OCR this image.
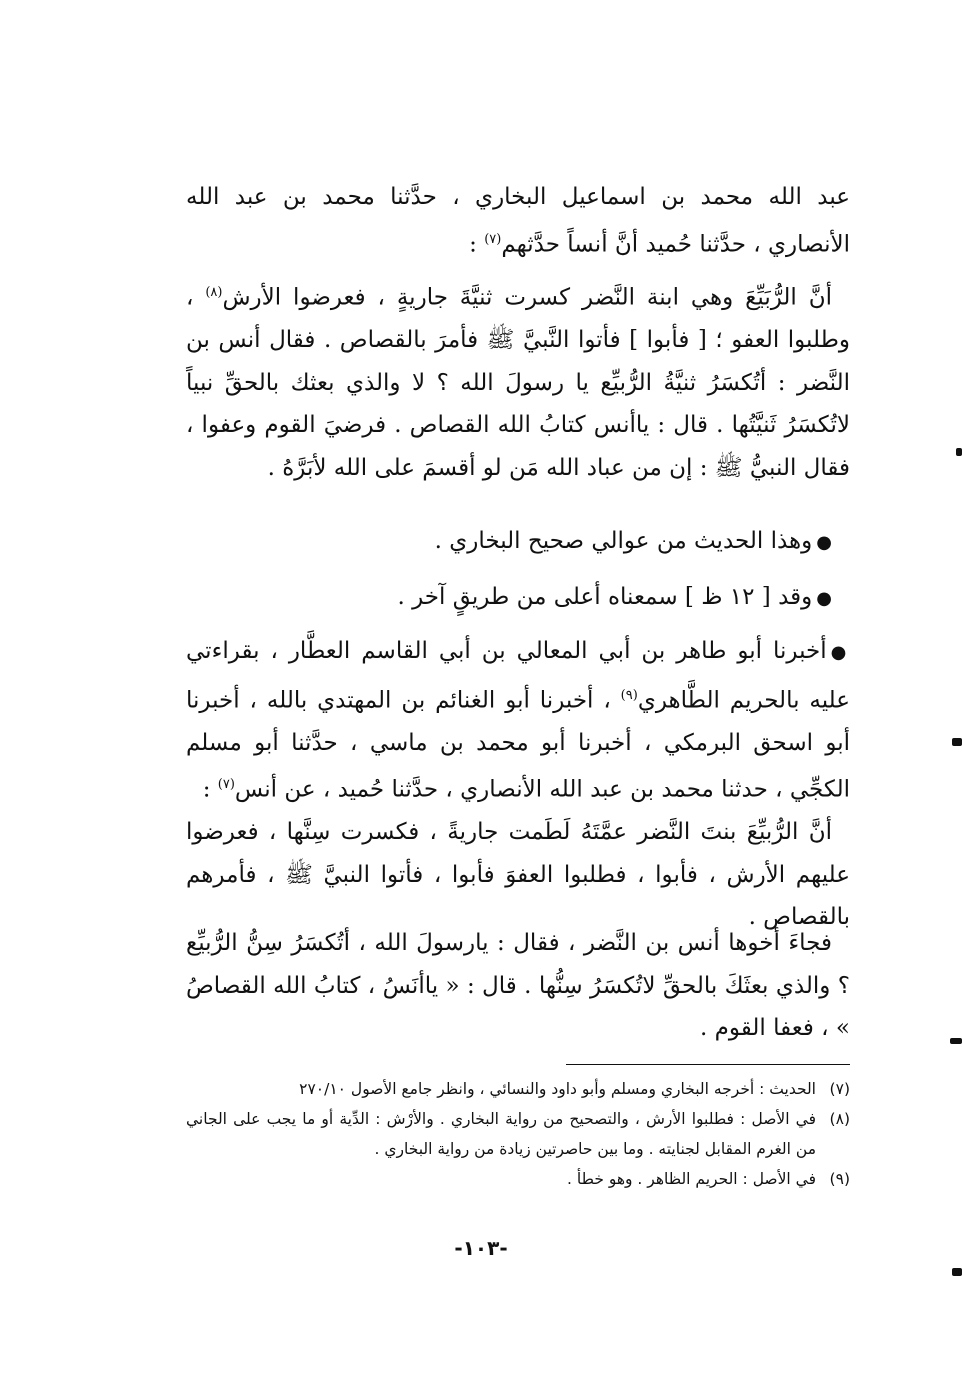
عبد الله محمد بن اسماعيل البخاري ، حدَّثنا محمد بن عبد الله الأنصاري ، حدَّثنا حُميد أنَّ أنساً حدَّثهم$^{(٧)}$ :

أنَّ الرُّبَيِّعَ وهي ابنة النَّضر كسرت ثنيَّةَ جاريةٍ ، فعرضوا الأرش$^{(٨)}$ ، وطلبوا العفو ؛ [ فأبوا ] فأتوا النَّبيَّ ﷺ فأمرَ بالقصاص . فقال أنس بن النَّضر : أتُكسَرُ ثنيَّةُ الرُّبيِّع يا رسولَ الله ؟ لا والذي بعثك بالحقِّ نبياً لاتُكسَرُ ثَنيَّتُها . قال : ياأنس كتابُ الله القصاص . فرضيَ القوم وعفوا ، فقال النبيُّ ﷺ : إن من عباد الله مَن لو أقسمَ على الله لأبَرَّهُ .

●وهذا الحديث من عوالي صحيح البخاري .

●وقد [ ١٢ ظ ] سمعناه أعلى من طريقٍ آخر .

●أخبرنا أبو طاهر بن أبي المعالي بن أبي القاسم العطَّار ، بقراءتي عليه بالحريم الطَّاهري$^{(٩)}$ ، أخبرنا أبو الغنائم بن المهتدي بالله ، أخبرنا أبو اسحق البرمكي ، أخبرنا أبو محمد بن ماسي ، حدَّثنا أبو مسلم الكجِّي ، حدثنا محمد بن عبد الله الأنصاري ، حدَّثنا حُميد ، عن أنس$^{(٧)}$ :

أنَّ الرُّبيِّعَ بنتَ النَّضر عمَّتَهُ لَطَمت جاريةً ، فكسرت سِنَّها ، فعرضوا عليهم الأرش ، فأبوا ، فطلبوا العفوَ فأبوا ، فأتوا النبيَّ ﷺ ، فأمرهم بالقصاص .

فجاءَ أخوها أنس بن النَّضر ، فقال : يارسولَ الله ، أتُكسَرُ سِنُّ الرُّبيِّع ؟ والذي بعثَكَ بالحقِّ لاتُكسَرُ سِنُّها . قال : « ياأنَسُ ، كتابُ الله القصاصُ » ، فعفا القوم .

(٧)
الحديث : أخرجه البخاري ومسلم وأبو داود والنسائي ، وانظر جامع الأصول ٢٧٠/١٠
(٨)
في الأصل : فطلبوا الأرش ، والتصحيح من رواية البخاري . والأرْش : الدِّية أو ما يجب على الجاني من الغرم المقابل لجنايته . وما بين حاصرتين زيادة من رواية البخاري .
(٩)
في الأصل : الحريم الظاهر . وهو خطأ .
-١٠٣-
